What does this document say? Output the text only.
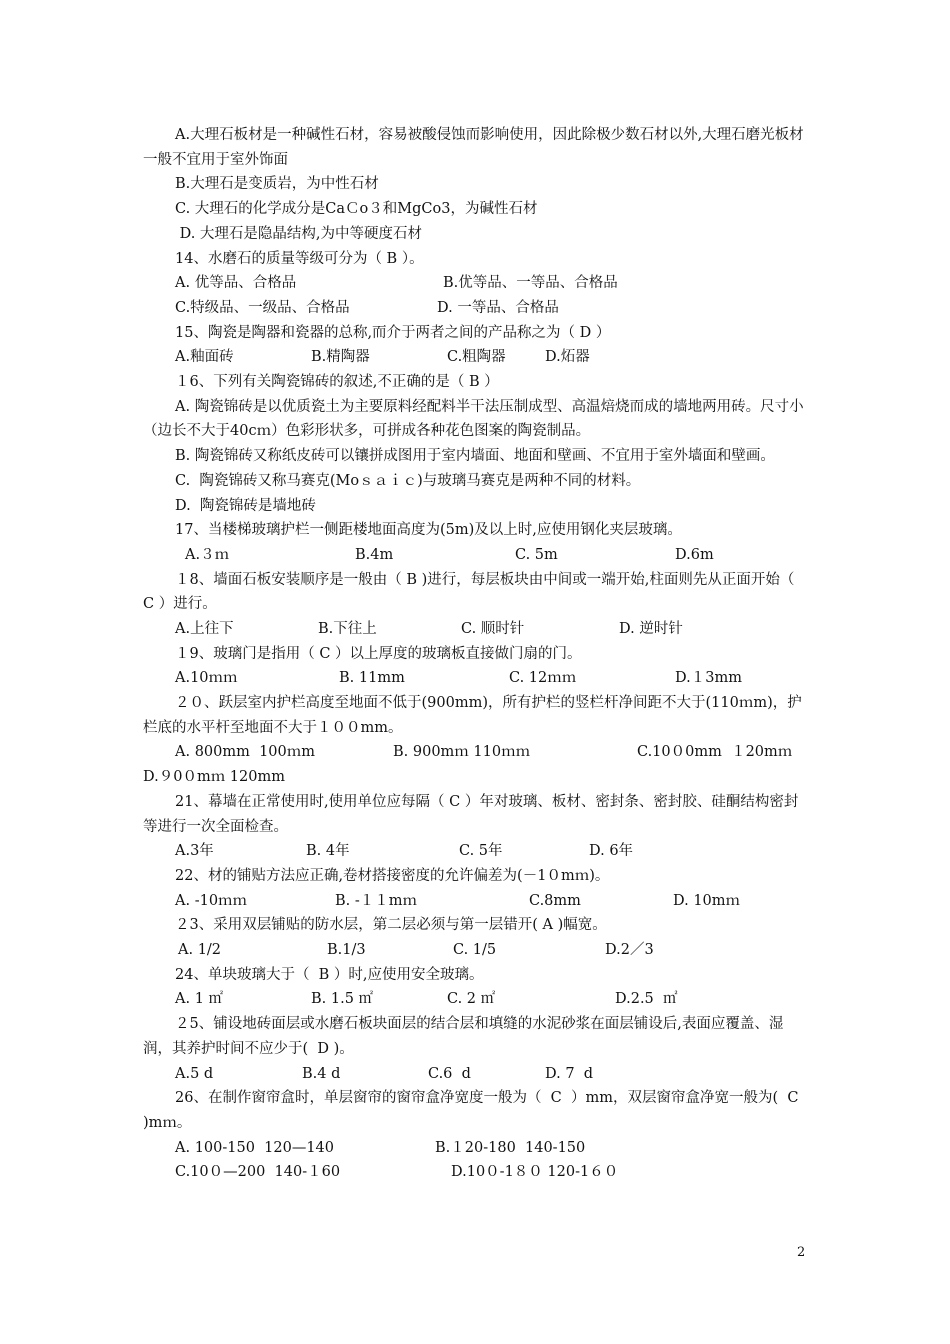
A.大理石板材是一种碱性石材，容易被酸侵蚀而影响使用，因此除极少数石材以外,大理石磨光板材一般不宜用于室外饰面

B.大理石是变质岩，为中性石材

C. 大理石的化学成分是CaＣo３和MgCo3，为碱性石材

D. 大理石是隐晶结构,为中等硬度石材

14、水磨石的质量等级可分为（ B ）。

A. 优等品、合格品

	B.优等品、一等品、合格品

C.特级品、一级品、合格品

	D. 一等品、合格品

15、陶瓷是陶器和瓷器的总称,而介于两者之间的产品称之为（ D ）

A.釉面砖

	B.精陶器

	C.粗陶器

	D.炻器

１6、下列有关陶瓷锦砖的叙述,不正确的是（ B ）

A. 陶瓷锦砖是以优质瓷土为主要原料经配料半干法压制成型、高温焙烧而成的墙地两用砖。尺寸小（边长不大于40cｍ）色彩形状多，可拼成各种花色图案的陶瓷制品。

B. 陶瓷锦砖又称纸皮砖可以镶拼成图用于室内墙面、地面和壁画、不宜用于室外墙面和壁画。

C.  陶瓷锦砖又称马赛克(Moｓａｉｃ)与玻璃马赛克是两种不同的材料。

D.  陶瓷锦砖是墙地砖

17、当楼梯玻璃护栏一侧距楼地面高度为(5m)及以上时,应使用钢化夹层玻璃。

A.３ｍ

	B.4m

	C. 5m

	D.6m

１8、墙面石板安装顺序是一般由（ B )进行，每层板块由中间或一端开始,柱面则先从正面开始（ C ）进行。

A.上往下

	B.下往上

	C. 顺时针

	D. 逆时针

１9、玻璃门是指用（ C ）以上厚度的玻璃板直接做门扇的门。

A.10ｍｍ

	B. 11mm

	C. 12ｍｍ

	D.１3mm

２０、跃层室内护栏高度至地面不低于(900mm)，所有护栏的竖栏杆净间距不大于(110ｍm)，护栏底的水平杆至地面不大于１００mm。

A. 800mm  100ｍm

	B. 900mｍ 110ｍｍ

	C.10０0mm  １20mｍ

D.９0０mｍ 120mm

21、幕墙在正常使用时,使用单位应每隔（ C ）年对玻璃、板材、密封条、密封胶、硅酮结构密封等进行一次全面检查。

A.3年

	B. 4年

	C. 5年

	D. 6年

22、材的铺贴方法应正确,卷材搭接密度的允许偏差为(－1０mｍ)。

A. -10ｍｍ

	B. -１１mｍ

	C.8mm

	D. 10mｍ

２3、采用双层铺贴的防水层，第二层必须与第一层错开( A )幅宽。

A. 1/2

	B.1/3

	C. 1/5

	D.2／3

24、单块玻璃大于（  B ）时,应使用安全玻璃。

A. 1 ㎡

	B. 1.5 ㎡

	C. 2 ㎡

	D.2.5  ㎡

２5、铺设地砖面层或水磨石板块面层的结合层和填缝的水泥砂浆在面层铺设后,表面应覆盖、湿润，其养护时间不应少于(  D )。

A.5 d

	B.4 d

	C.6  d

	D. 7  d

26、在制作窗帘盒时，单层窗帘的窗帘盒净宽度一般为（  C  ）mm，双层窗帘盒净宽一般为(  C  )mｍ。

A. 100-150  120—140

	B.１20-180  140-150

C.10０—200  140-１60

	D.10０-1８０ 120-1６０

2
